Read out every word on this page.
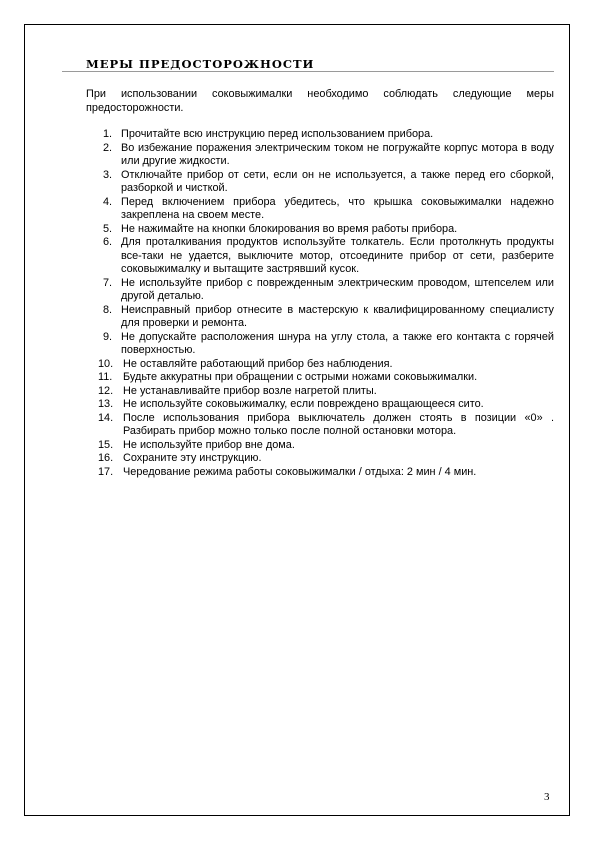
МЕРЫ ПРЕДОСТОРОЖНОСТИ

При использовании соковыжималки необходимо соблюдать следующие меры предосторожности.

1. Прочитайте всю инструкцию перед использованием прибора.
2. Во избежание поражения электрическим током не погружайте корпус мотора в воду или другие жидкости.
3. Отключайте прибор от сети, если он не используется, а также перед его сборкой, разборкой и чисткой.
4. Перед включением прибора убедитесь, что крышка соковыжималки надежно закреплена на своем месте.
5. Не нажимайте на кнопки блокирования во время работы прибора.
6. Для проталкивания продуктов используйте толкатель. Если протолкнуть продукты все-таки не удается, выключите мотор, отсоедините прибор от сети, разберите соковыжималку и вытащите застрявший кусок.
7. Не используйте прибор с поврежденным электрическим проводом, штепселем или другой деталью.
8. Неисправный прибор отнесите в мастерскую к квалифицированному специалисту для проверки и ремонта.
9. Не допускайте расположения шнура на углу стола, а также его контакта с горячей поверхностью.
10. Не оставляйте работающий прибор без наблюдения.
11. Будьте аккуратны при обращении с острыми ножами соковыжималки.
12. Не устанавливайте прибор возле нагретой плиты.
13. Не используйте соковыжималку, если повреждено вращающееся сито.
14. После использования прибора выключатель должен стоять в позиции «0» . Разбирать прибор можно только после полной остановки мотора.
15. Не используйте прибор вне дома.
16. Сохраните эту инструкцию.
17. Чередование режима работы соковыжималки / отдыха: 2 мин / 4 мин.
3
